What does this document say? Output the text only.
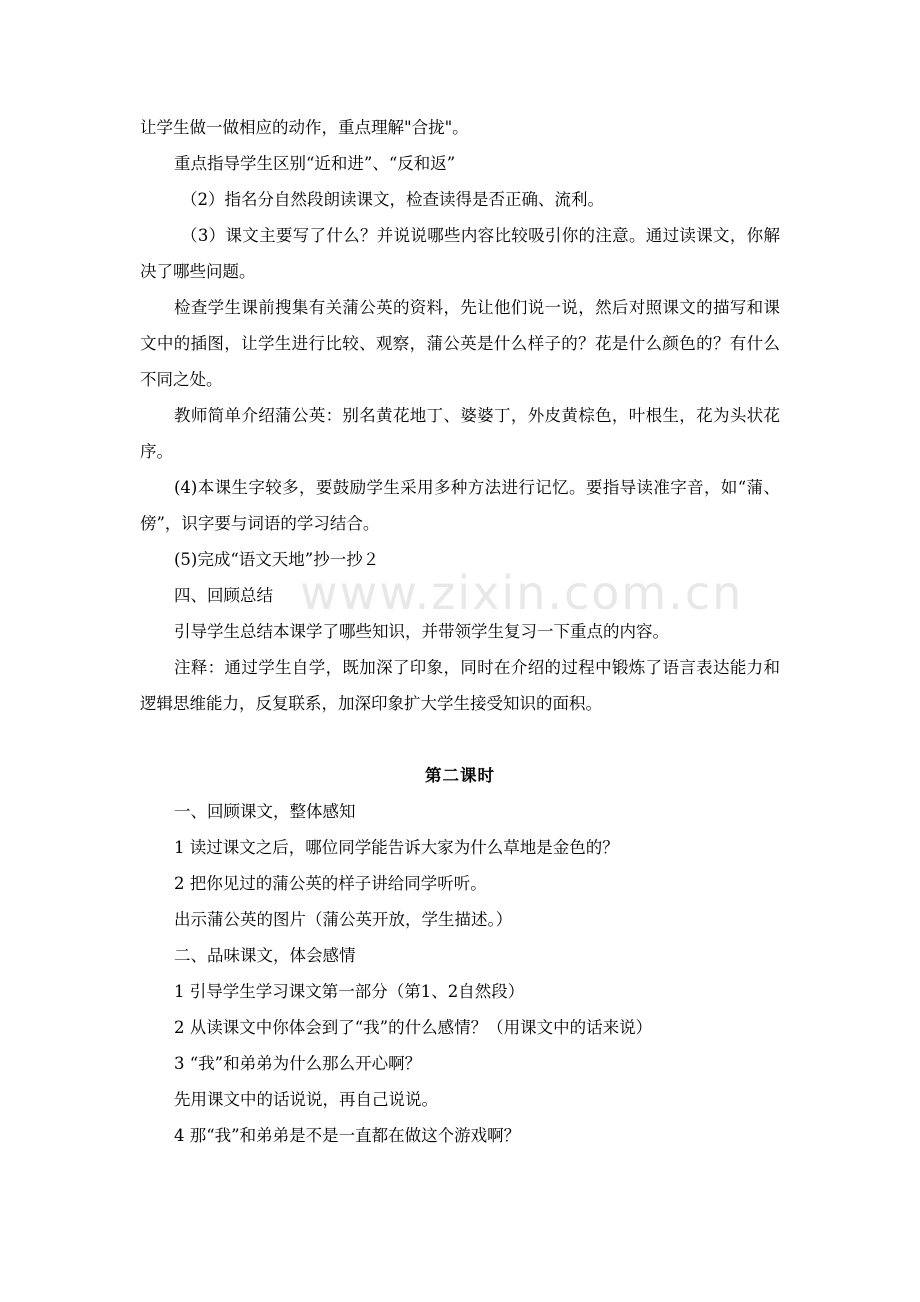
让学生做一做相应的动作，重点理解"合拢"。

重点指导学生区别“近和进”、“反和返”

（2）指名分自然段朗读课文，检查读得是否正确、流利。

（3）课文主要写了什么？并说说哪些内容比较吸引你的注意。通过读课文，你解决了哪些问题。

检查学生课前搜集有关蒲公英的资料，先让他们说一说，然后对照课文的描写和课文中的插图，让学生进行比较、观察，蒲公英是什么样子的？花是什么颜色的？有什么不同之处。

教师简单介绍蒲公英：别名黄花地丁、婆婆丁，外皮黄棕色，叶根生，花为头状花序。

(4)本课生字较多，要鼓励学生采用多种方法进行记忆。要指导读准字音，如“蒲、傍”，识字要与词语的学习结合。

(5)完成“语文天地”抄一抄２

四、回顾总结

引导学生总结本课学了哪些知识，并带领学生复习一下重点的内容。

注释：通过学生自学，既加深了印象，同时在介绍的过程中锻炼了语言表达能力和逻辑思维能力，反复联系，加深印象扩大学生接受知识的面积。

第二课时

一、回顾课文，整体感知

1 读过课文之后，哪位同学能告诉大家为什么草地是金色的？

2 把你见过的蒲公英的样子讲给同学听听。

出示蒲公英的图片（蒲公英开放，学生描述。）

二、品味课文，体会感情

1 引导学生学习课文第一部分（第1、2自然段）

2 从读课文中你体会到了“我”的什么感情？（用课文中的话来说）

3 “我”和弟弟为什么那么开心啊？

先用课文中的话说说，再自己说说。

4 那“我”和弟弟是不是一直都在做这个游戏啊？

www.zixin.com.cn
